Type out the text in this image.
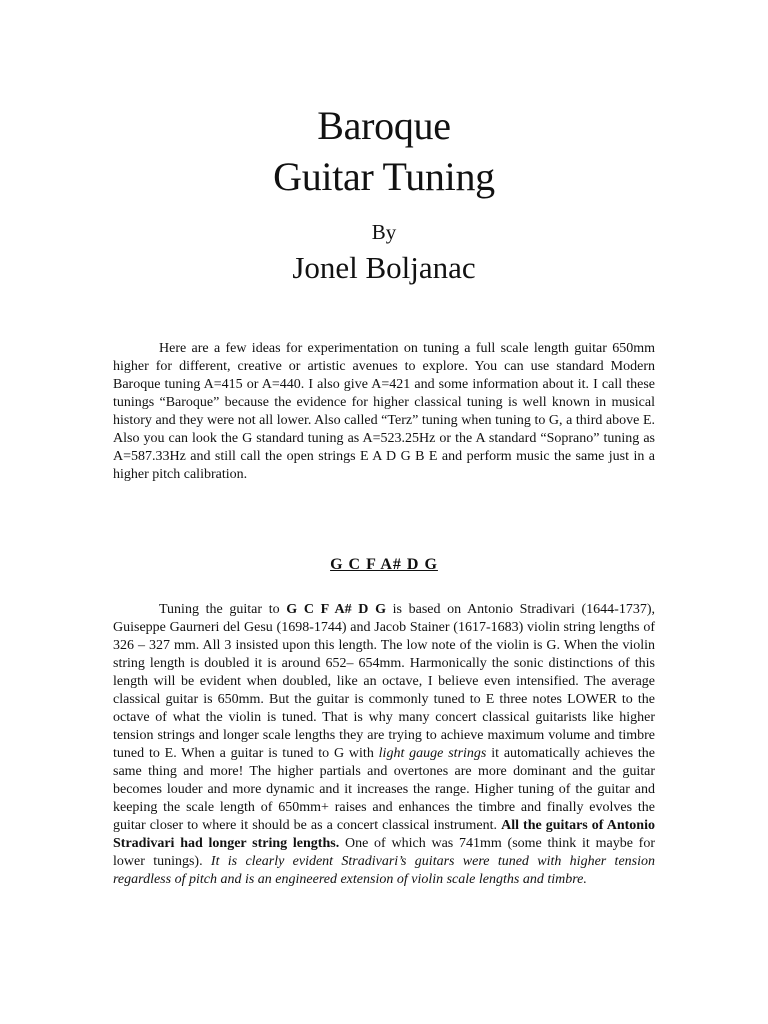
Baroque
Guitar Tuning
By
Jonel Boljanac

Here are a few ideas for experimentation on tuning a full scale length guitar 650mm higher for different, creative or artistic avenues to explore. You can use standard Modern Baroque tuning A=415 or A=440. I also give A=421 and some information about it. I call these tunings “Baroque” because the evidence for higher classical tuning is well known in musical history and they were not all lower. Also called “Terz” tuning when tuning to G, a third above E. Also you can look the G standard tuning as A=523.25Hz or the A standard “Soprano” tuning as A=587.33Hz and still call the open strings E A D G B E and perform music the same just in a higher pitch calibration.

G C F A# D G

Tuning the guitar to G C F A# D G is based on Antonio Stradivari (1644-1737), Guiseppe Gaurneri del Gesu (1698-1744) and Jacob Stainer (1617-1683) violin string lengths of 326 – 327 mm. All 3 insisted upon this length. The low note of the violin is G. When the violin string length is doubled it is around 652– 654mm. Harmonically the sonic distinctions of this length will be evident when doubled, like an octave, I believe even intensified. The average classical guitar is 650mm. But the guitar is commonly tuned to E three notes LOWER to the octave of what the violin is tuned. That is why many concert classical guitarists like higher tension strings and longer scale lengths they are trying to achieve maximum volume and timbre tuned to E. When a guitar is tuned to G with light gauge strings it automatically achieves the same thing and more! The higher partials and overtones are more dominant and the guitar becomes louder and more dynamic and it increases the range. Higher tuning of the guitar and keeping the scale length of 650mm+ raises and enhances the timbre and finally evolves the guitar closer to where it should be as a concert classical instrument. All the guitars of Antonio Stradivari had longer string lengths. One of which was 741mm (some think it maybe for lower tunings). It is clearly evident Stradivari’s guitars were tuned with higher tension regardless of pitch and is an engineered extension of violin scale lengths and timbre.
